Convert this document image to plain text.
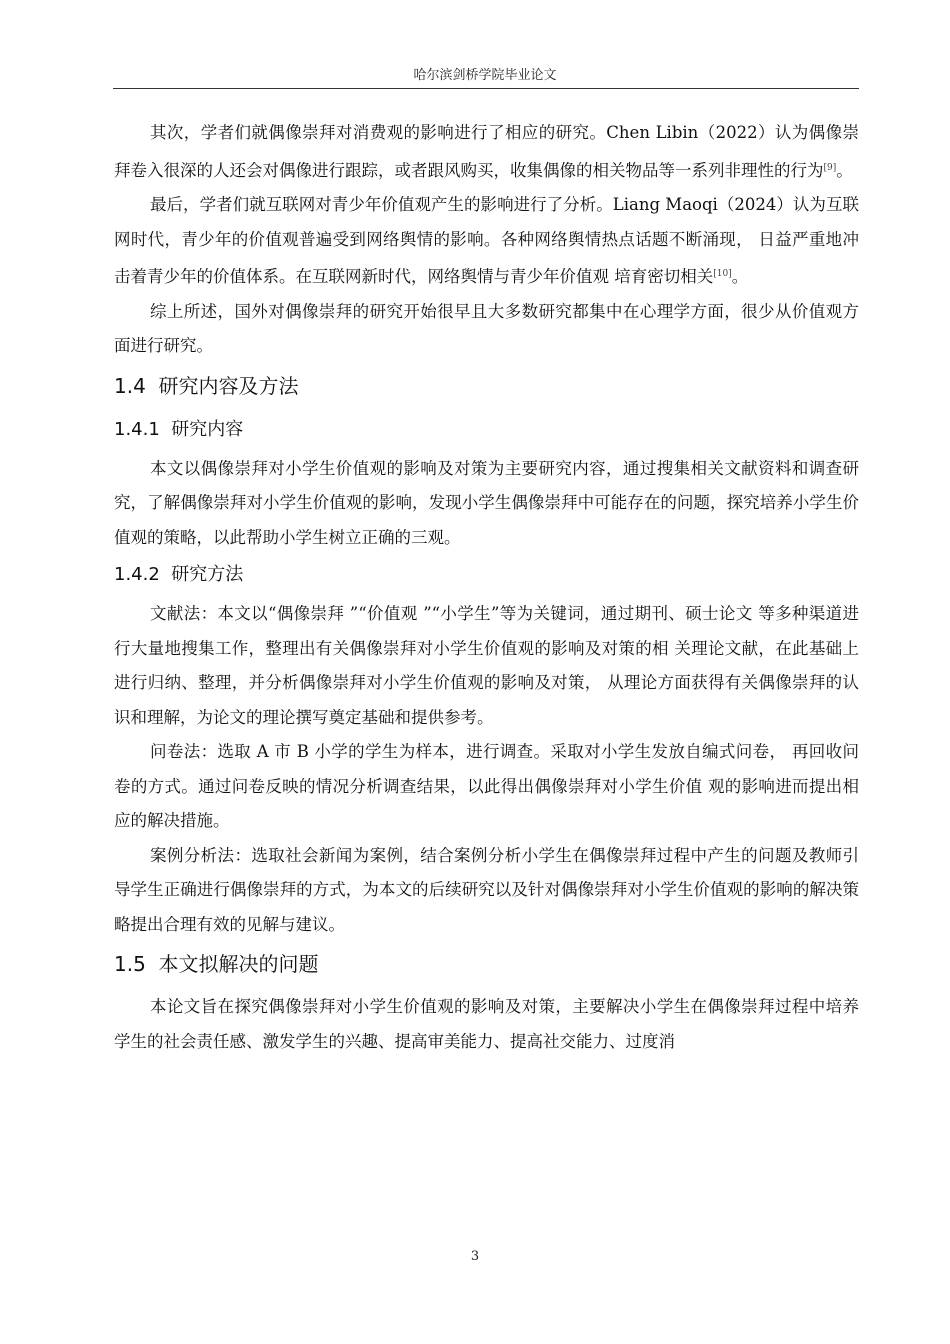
哈尔滨剑桥学院毕业论文

其次，学者们就偶像崇拜对消费观的影响进行了相应的研究。Chen Libin（2022）认为偶像崇拜卷入很深的人还会对偶像进行跟踪，或者跟风购买，收集偶像的相关物品等一系列非理性的行为[9]。

最后，学者们就互联网对青少年价值观产生的影响进行了分析。Liang Maoqi（2024）认为互联网时代，青少年的价值观普遍受到网络舆情的影响。各种网络舆情热点话题不断涌现， 日益严重地冲击着青少年的价值体系。在互联网新时代，网络舆情与青少年价值观 培育密切相关[10]。

综上所述，国外对偶像崇拜的研究开始很早且大多数研究都集中在心理学方面，很少从价值观方面进行研究。

1.4 研究内容及方法
1.4.1 研究内容

本文以偶像崇拜对小学生价值观的影响及对策为主要研究内容，通过搜集相关文献资料和调查研究，了解偶像崇拜对小学生价值观的影响，发现小学生偶像崇拜中可能存在的问题，探究培养小学生价值观的策略，以此帮助小学生树立正确的三观。

1.4.2 研究方法

文献法：本文以“偶像崇拜 ”“价值观 ”“小学生”等为关键词，通过期刊、硕士论文 等多种渠道进行大量地搜集工作，整理出有关偶像崇拜对小学生价值观的影响及对策的相 关理论文献，在此基础上进行归纳、整理，并分析偶像崇拜对小学生价值观的影响及对策， 从理论方面获得有关偶像崇拜的认识和理解，为论文的理论撰写奠定基础和提供参考。

问卷法：选取 A 市 B 小学的学生为样本，进行调查。采取对小学生发放自编式问卷， 再回收问卷的方式。通过问卷反映的情况分析调查结果，以此得出偶像崇拜对小学生价值 观的影响进而提出相应的解决措施。

案例分析法：选取社会新闻为案例，结合案例分析小学生在偶像崇拜过程中产生的问题及教师引导学生正确进行偶像崇拜的方式，为本文的后续研究以及针对偶像崇拜对小学生价值观的影响的解决策略提出合理有效的见解与建议。

1.5 本文拟解决的问题

本论文旨在探究偶像崇拜对小学生价值观的影响及对策，主要解决小学生在偶像崇拜过程中培养学生的社会责任感、激发学生的兴趣、提高审美能力、提高社交能力、过度消

3
